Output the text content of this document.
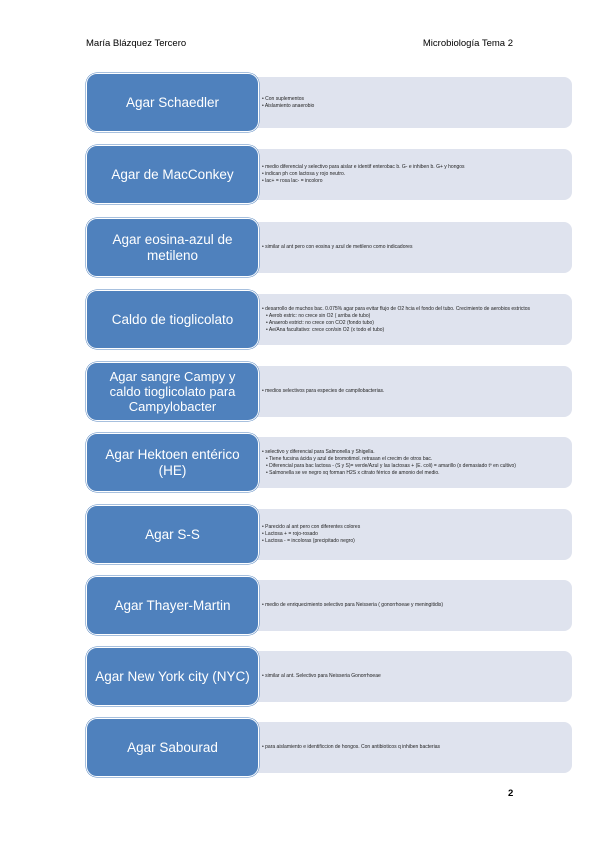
María Blázquez Tercero	Microbiología Tema 2
• Con suplementos
• Aislamiento anaerobio
Agar Schaedler
• medio diferencial y selectivo para aislar e identif enterobac b. G- e inhiben b. G+ y hongos
• indican ph con lactosa y rojo neutro.
• lac+ = rosa lac- = incoloro
Agar de MacConkey
• similar al ant pero con eosina y azul de metileno como indicadores
Agar eosina-azul de metileno
• desarrollo de muchos bac. 0.075% agar para evitar flujo de O2 hcia el fondo del tubo. Crecimiento de aerobios estrictos
• Aerob estric: no crece sin O2 ( arriba de tubo)
• Anaerob estrict: no crece con CO2 (fondo tubo)
• Ae/Ana facultativo: crece con/sin O2 (x todo el tubo)
Caldo de tioglicolato
• medios selectivos para especies de campilobacterias.
Agar sangre Campy y caldo tioglicolato para Campylobacter
• selectivo y diferencial para Salmonella y Shigella.
• Tiene fucsina ácida y azul de bromotimol. retrasan el crecim de otros bac.
• Diferencial para bac lactosa - (S y S)= verde/Azul y las lactosas + (E. coli) = amarillo (x demasiado tº en cultivo)
• Salmonella se ve negro xq forman H2S x citrato férrico de amonio del medio.
Agar Hektoen entérico (HE)
• Parecido al ant pero con diferentes colores
• Lactosa + = rojo-rosado
• Lactosa - = incoloras (precipitado negro)
Agar S-S
• medio de enriquecimiento selectivo para Neisseria ( gonorrhoeae y meningitidis)
Agar Thayer-Martin
• similar al ant. Selectivo para Neisseria Gonorrhoeae
Agar New York city (NYC)
• para aislamiento e identificcion de hongos. Con antibioticos q inhiben bacterias
Agar Sabourad
2
